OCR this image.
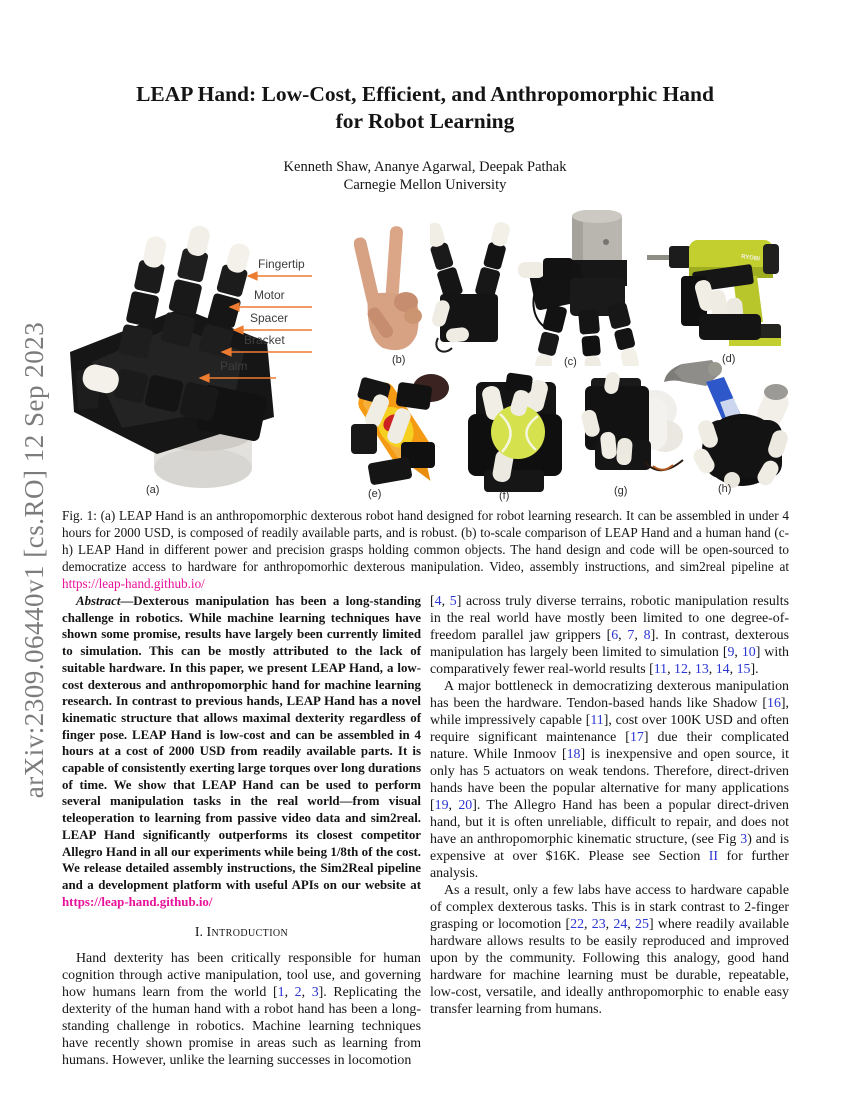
arXiv:2309.06440v1 [cs.RO] 12 Sep 2023
LEAP Hand: Low-Cost, Efficient, and Anthropomorphic Hand
for Robot Learning
Kenneth Shaw, Ananye Agarwal, Deepak Pathak
Carnegie Mellon University
Fingertip
Motor
Spacer
Bracket
Palm
RYOBI
(a)
(b)	(c)	(d)
(e)	(f)	(g)	(h)
Fig. 1: (a) LEAP Hand is an anthropomorphic dexterous robot hand designed for robot learning research. It can be assembled in under 4 hours for 2000 USD, is composed of readily available parts, and is robust. (b) to-scale comparison of LEAP Hand and a human hand (c-h) LEAP Hand in different power and precision grasps holding common objects. The hand design and code will be open-sourced to democratize access to hardware for anthropomorhic dexterous manipulation. Video, assembly instructions, and sim2real pipeline at https://leap-hand.github.io/

Abstract—Dexterous manipulation has been a long-standing challenge in robotics. While machine learning techniques have shown some promise, results have largely been currently limited to simulation. This can be mostly attributed to the lack of suitable hardware. In this paper, we present LEAP Hand, a low-cost dexterous and anthropomorphic hand for machine learning research. In contrast to previous hands, LEAP Hand has a novel kinematic structure that allows maximal dexterity regardless of finger pose. LEAP Hand is low-cost and can be assembled in 4 hours at a cost of 2000 USD from readily available parts. It is capable of consistently exerting large torques over long durations of time. We show that LEAP Hand can be used to perform several manipulation tasks in the real world—from visual teleoperation to learning from passive video data and sim2real. LEAP Hand significantly outperforms its closest competitor Allegro Hand in all our experiments while being 1/8th of the cost. We release detailed assembly instructions, the Sim2Real pipeline and a development platform with useful APIs on our website at https://leap-hand.github.io/

I. Introduction

Hand dexterity has been critically responsible for human cognition through active manipulation, tool use, and governing how humans learn from the world [1, 2, 3]. Replicating the dexterity of the human hand with a robot hand has been a long-standing challenge in robotics. Machine learning techniques have recently shown promise in areas such as learning from humans. However, unlike the learning successes in locomotion

[4, 5] across truly diverse terrains, robotic manipulation results in the real world have mostly been limited to one degree-of-freedom parallel jaw grippers [6, 7, 8]. In contrast, dexterous manipulation has largely been limited to simulation [9, 10] with comparatively fewer real-world results [11, 12, 13, 14, 15].

A major bottleneck in democratizing dexterous manipulation has been the hardware. Tendon-based hands like Shadow [16], while impressively capable [11], cost over 100K USD and often require significant maintenance [17] due their complicated nature. While Inmoov [18] is inexpensive and open source, it only has 5 actuators on weak tendons. Therefore, direct-driven hands have been the popular alternative for many applications [19, 20]. The Allegro Hand has been a popular direct-driven hand, but it is often unreliable, difficult to repair, and does not have an anthropomorphic kinematic structure, (see Fig 3) and is expensive at over $16K. Please see Section II for further analysis.

As a result, only a few labs have access to hardware capable of complex dexterous tasks. This is in stark contrast to 2-finger grasping or locomotion [22, 23, 24, 25] where readily available hardware allows results to be easily reproduced and improved upon by the community. Following this analogy, good hand hardware for machine learning must be durable, repeatable, low-cost, versatile, and ideally anthropomorphic to enable easy transfer learning from humans.
